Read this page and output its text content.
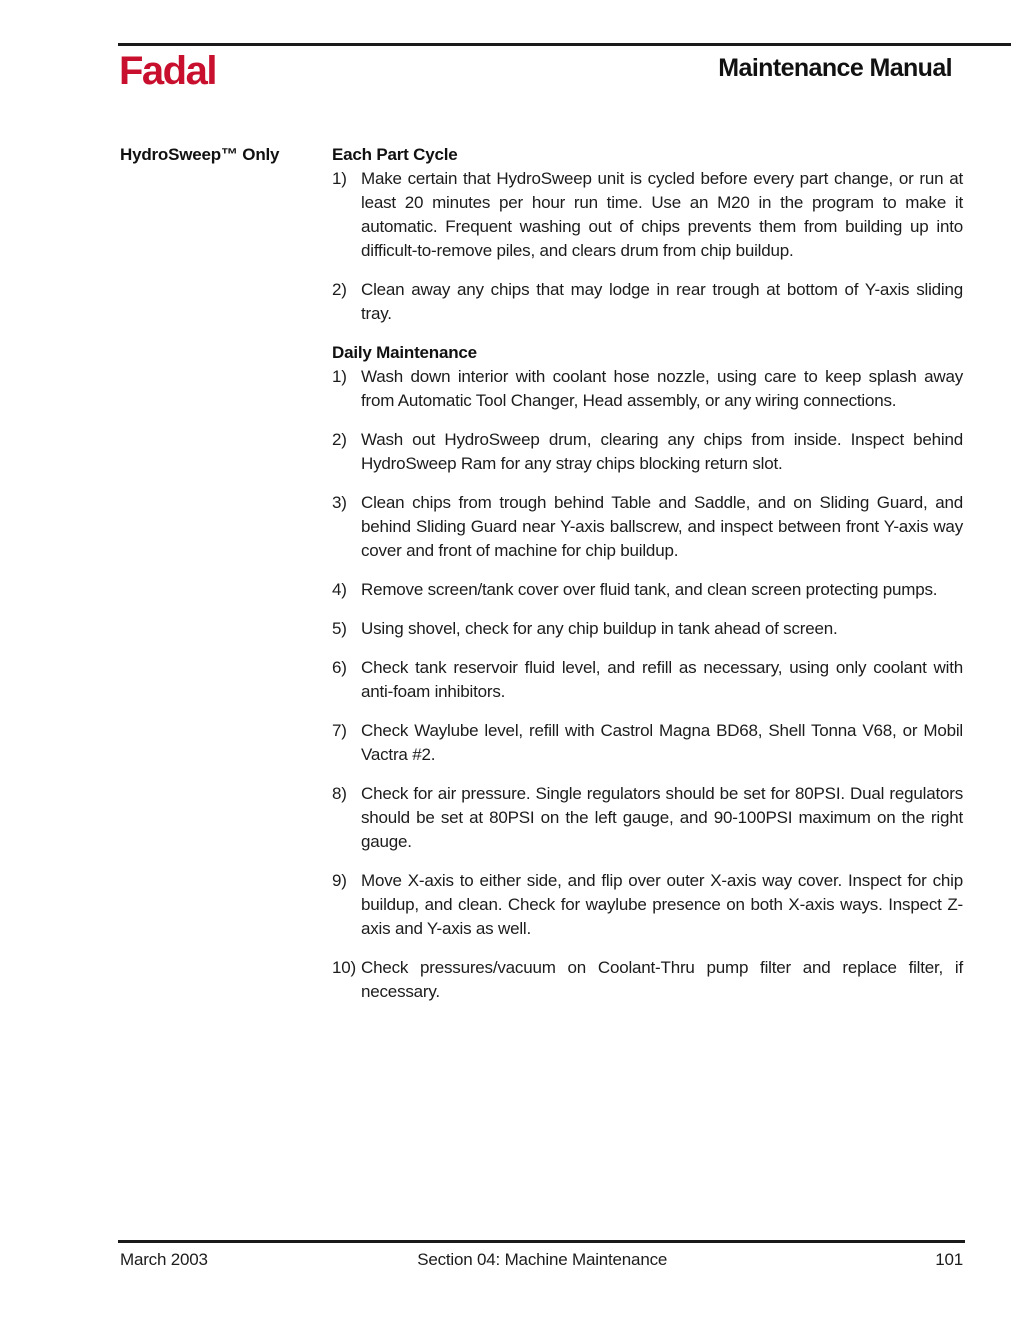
Fadal	Maintenance Manual
HydroSweep™ Only	Each Part Cycle
1) Make certain that HydroSweep unit is cycled before every part change, or run at least 20 minutes per hour run time. Use an M20 in the program to make it automatic. Frequent washing out of chips prevents them from building up into difficult-to-remove piles, and clears drum from chip buildup.
2) Clean away any chips that may lodge in rear trough at bottom of Y-axis sliding tray.
Daily Maintenance
1) Wash down interior with coolant hose nozzle, using care to keep splash away from Automatic Tool Changer, Head assembly, or any wiring connections.
2) Wash out HydroSweep drum, clearing any chips from inside. Inspect behind HydroSweep Ram for any stray chips blocking return slot.
3) Clean chips from trough behind Table and Saddle, and on Sliding Guard, and behind Sliding Guard near Y-axis ballscrew, and inspect between front Y-axis way cover and front of machine for chip buildup.
4) Remove screen/tank cover over fluid tank, and clean screen protecting pumps.
5) Using shovel, check for any chip buildup in tank ahead of screen.
6) Check tank reservoir fluid level, and refill as necessary, using only coolant with anti-foam inhibitors.
7) Check Waylube level, refill with Castrol Magna BD68, Shell Tonna V68, or Mobil Vactra #2.
8) Check for air pressure. Single regulators should be set for 80PSI. Dual regulators should be set at 80PSI on the left gauge, and 90-100PSI maximum on the right gauge.
9) Move X-axis to either side, and flip over outer X-axis way cover. Inspect for chip buildup, and clean. Check for waylube presence on both X-axis ways. Inspect Z-axis and Y-axis as well.
10) Check pressures/vacuum on Coolant-Thru pump filter and replace filter, if necessary.
March 2003	Section 04: Machine Maintenance	101
